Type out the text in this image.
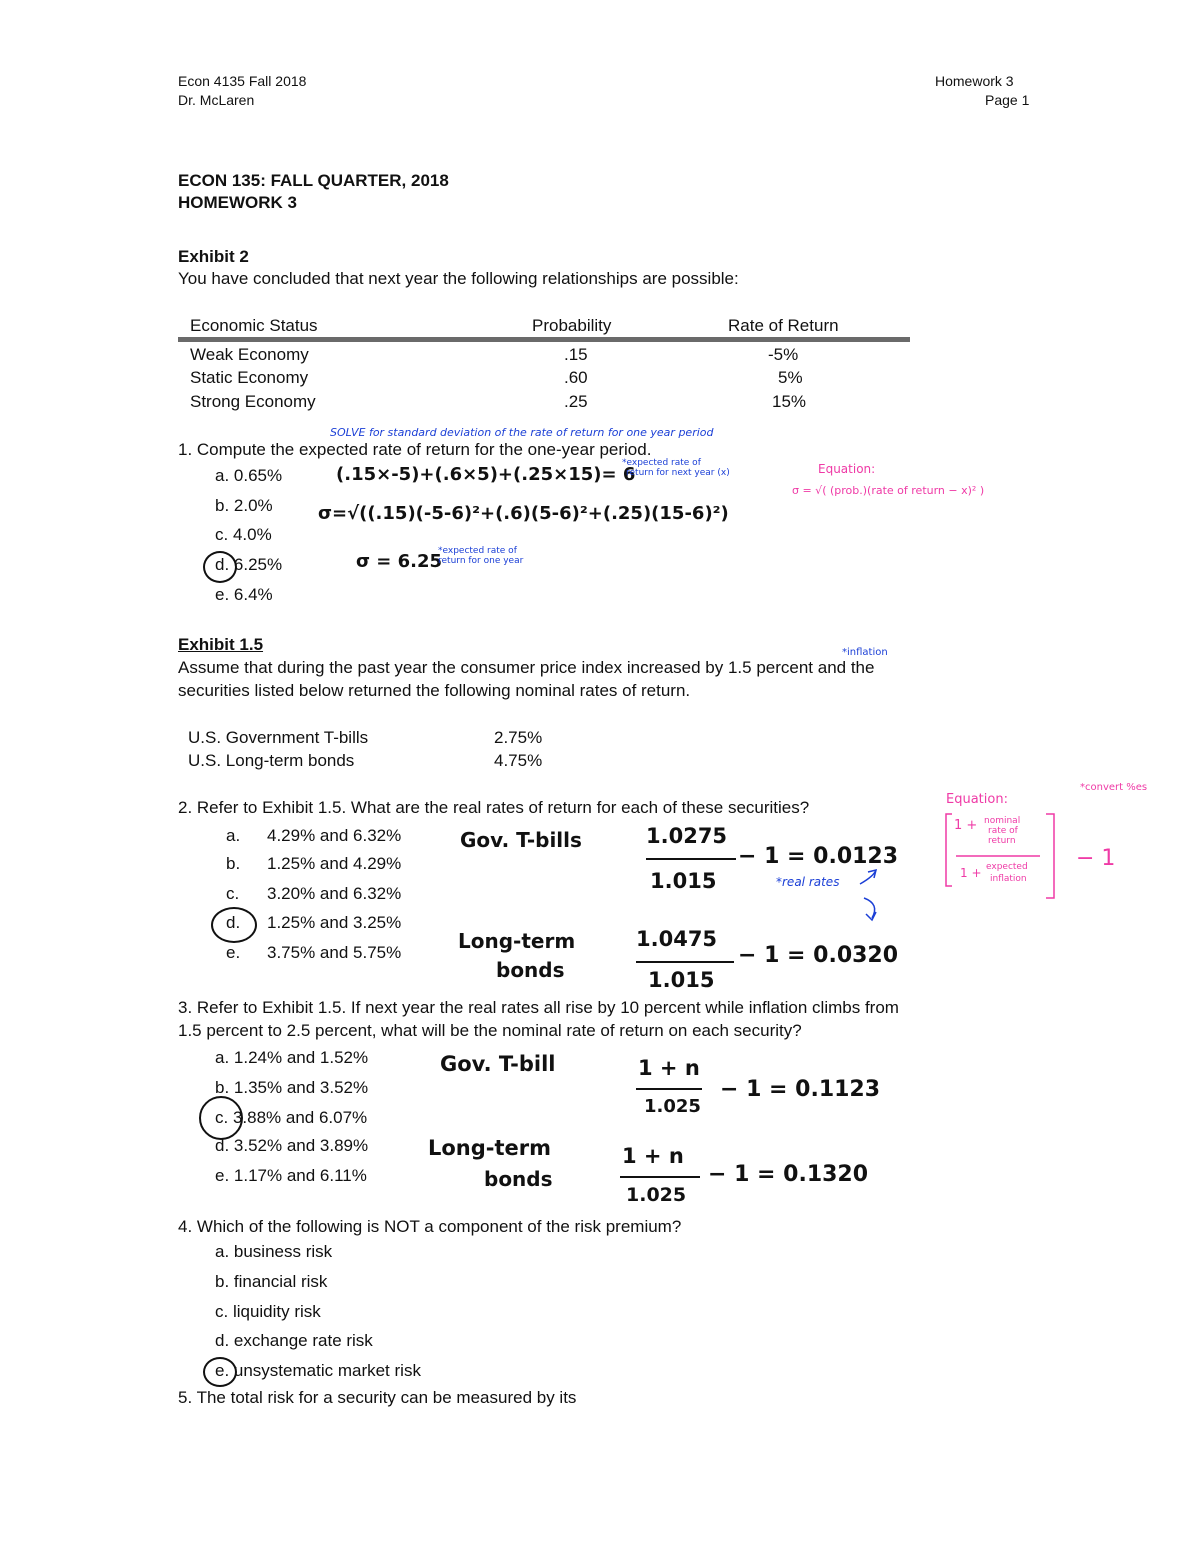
Econ 4135 Fall 2018
Dr. McLaren
Homework 3
Page 1
ECON 135: FALL QUARTER, 2018
HOMEWORK 3
Exhibit 2
You have concluded that next year the following relationships are possible:
Economic Status	Probability	Rate of Return
Weak Economy	.15	-5%
Static Economy	.60	5%
Strong Economy	.25	15%
SOLVE for standard deviation of the rate of return for one year period
1. Compute the expected rate of return for the one-year period.
a. 0.65%
b. 2.0%
c. 4.0%
d. 6.25%
e. 6.4%
(.15×-5)+(.6×5)+(.25×15)= 6
*expected rate of
return for next year (x)
σ=√((.15)(-5-6)²+(.6)(5-6)²+(.25)(15-6)²)
σ = 6.25
*expected rate of
return for one year
Equation:
σ = √( (prob.)(rate of return − x)² )
Exhibit 1.5	*inflation
Assume that during the past year the consumer price index increased by 1.5 percent and the
securities listed below returned the following nominal rates of return.
U.S. Government T-bills	2.75%
U.S. Long-term bonds	4.75%
2. Refer to Exhibit 1.5. What are the real rates of return for each of these securities?
a. 4.29% and 6.32%
b. 1.25% and 4.29%
c. 3.20% and 6.32%
d. 1.25% and 3.25%
e. 3.75% and 5.75%
Gov. T-bills	1.0275
1.015
− 1 = 0.0123
*real rates
Long-term
bonds
1.0475
1.015
− 1 = 0.0320
Equation:
*convert %es
1 + nominal
rate of
return
1 + expected
inflation
− 1
3. Refer to Exhibit 1.5. If next year the real rates all rise by 10 percent while inflation climbs from
1.5 percent to 2.5 percent, what will be the nominal rate of return on each security?
a. 1.24% and 1.52%
b. 1.35% and 3.52%
c. 3.88% and 6.07%
d. 3.52% and 3.89%
e. 1.17% and 6.11%
Gov. T-bill	1 + n
1.025
− 1 = 0.1123
Long-term
bonds
1 + n
1.025
− 1 = 0.1320
4. Which of the following is NOT a component of the risk premium?
a. business risk
b. financial risk
c. liquidity risk
d. exchange rate risk
e. unsystematic market risk
5. The total risk for a security can be measured by its
